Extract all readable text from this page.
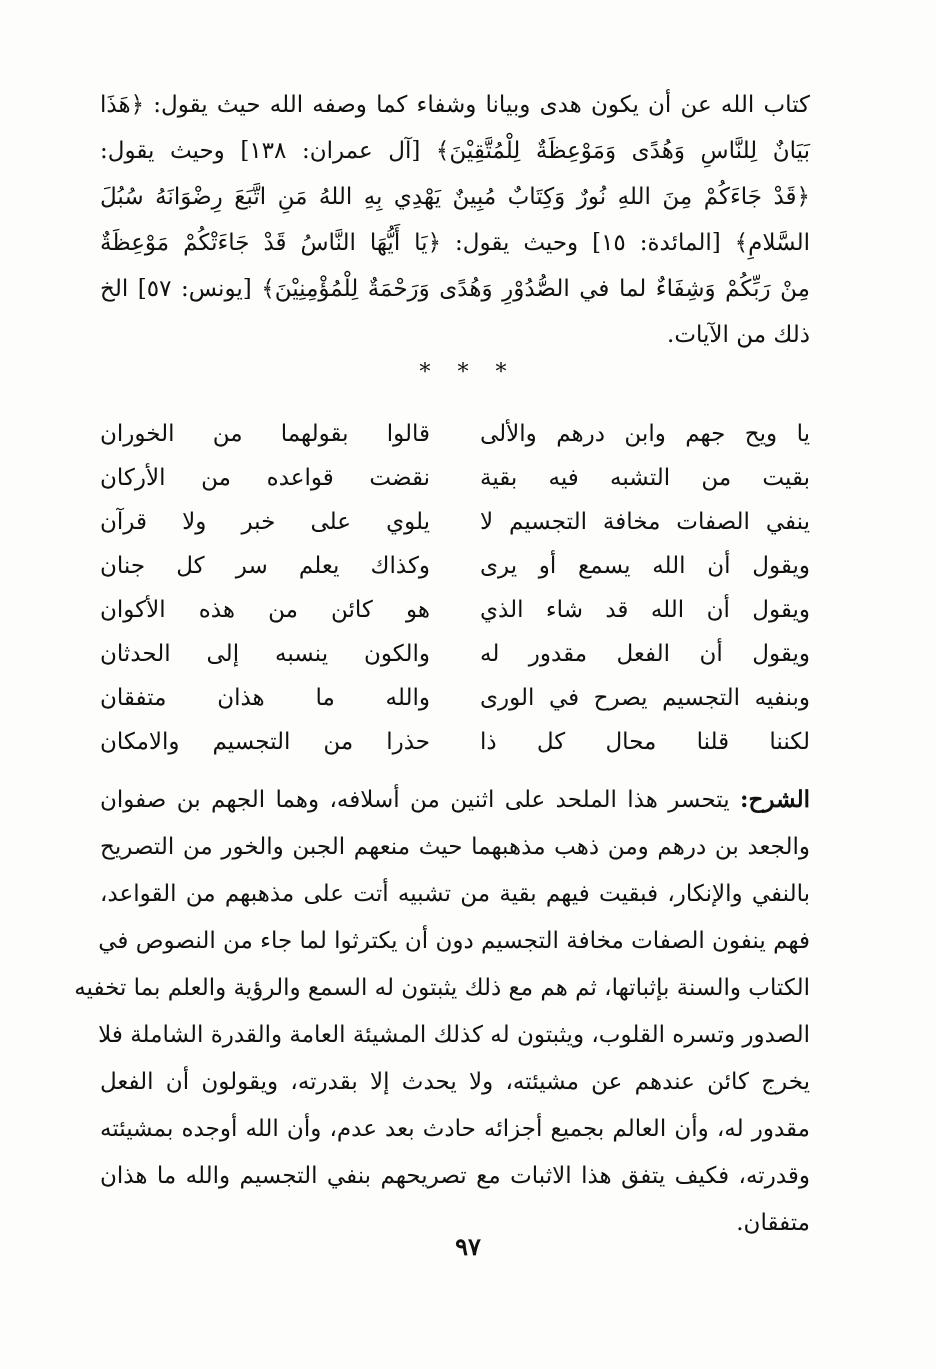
كتاب الله عن أن يكون هدى وبيانا وشفاء كما وصفه الله حيث يقول: ﴿هَذَا
بَيَانٌ لِلنَّاسِ وَهُدًى وَمَوْعِظَةٌ لِلْمُتَّقِيْنَ﴾ [آل عمران: ١٣٨] وحيث يقول:
﴿قَدْ جَاءَكُمْ مِنَ اللهِ نُورٌ وَكِتَابٌ مُبِينٌ يَهْدِي بِهِ اللهُ مَنِ اتَّبَعَ رِضْوَانَهُ سُبُلَ
السَّلامِ﴾ [المائدة: ١٥] وحيث يقول: ﴿يَا أَيُّهَا النَّاسُ قَدْ جَاءَتْكُمْ مَوْعِظَةٌ
مِنْ رَبِّكُمْ وَشِفَاءٌ لما في الصُّدُوْرِ وَهُدًى وَرَحْمَةٌ لِلْمُؤْمِنِيْنَ﴾ [يونس: ٥٧] الخ
ذلك من الآيات.
* * *
يا ويح جهم وابن درهم والألى
قالوا بقولهما من الخوران
بقيت من التشبه فيه بقية
نقضت قواعده من الأركان
ينفي الصفات مخافة التجسيم لا
يلوي على خبر ولا قرآن
ويقول أن الله يسمع أو يرى
وكذاك يعلم سر كل جنان
ويقول أن الله قد شاء الذي
هو كائن من هذه الأكوان
ويقول أن الفعل مقدور له
والكون ينسبه إلى الحدثان
وبنفيه التجسيم يصرح في الورى
والله ما هذان متفقان
لكننا قلنا محال كل ذا
حذرا من التجسيم والامكان
الشرح: يتحسر هذا الملحد على اثنين من أسلافه، وهما الجهم بن صفوان
والجعد بن درهم ومن ذهب مذهبهما حيث منعهم الجبن والخور من التصريح
بالنفي والإنكار، فبقيت فيهم بقية من تشبيه أتت على مذهبهم من القواعد،
فهم ينفون الصفات مخافة التجسيم دون أن يكترثوا لما جاء من النصوص في
الكتاب والسنة بإثباتها، ثم هم مع ذلك يثبتون له السمع والرؤية والعلم بما تخفيه
الصدور وتسره القلوب، ويثبتون له كذلك المشيئة العامة والقدرة الشاملة فلا
يخرج كائن عندهم عن مشيئته، ولا يحدث إلا بقدرته، ويقولون أن الفعل
مقدور له، وأن العالم بجميع أجزائه حادث بعد عدم، وأن الله أوجده بمشيئته
وقدرته، فكيف يتفق هذا الاثبات مع تصريحهم بنفي التجسيم والله ما هذان
متفقان.
٩٧
